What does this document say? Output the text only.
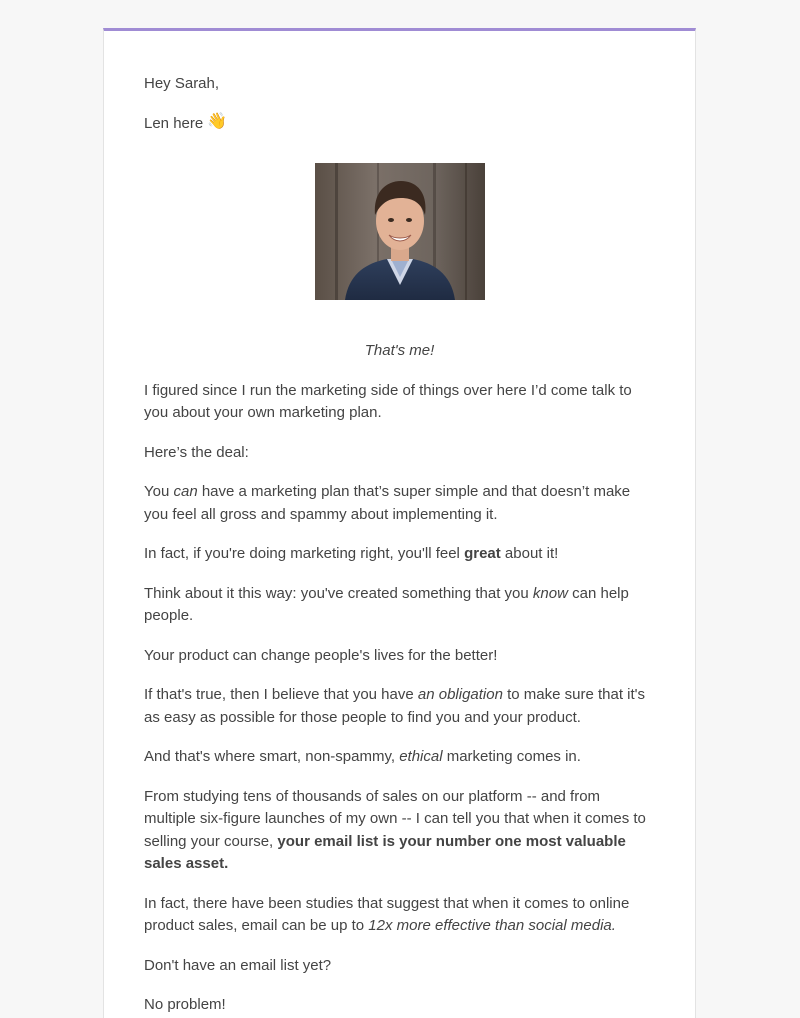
Hey Sarah,

Len here 👋

That's me!

I figured since I run the marketing side of things over here I’d come talk to you about your own marketing plan.

Here’s the deal:

You can have a marketing plan that’s super simple and that doesn’t make you feel all gross and spammy about implementing it.

In fact, if you're doing marketing right, you'll feel great about it!

Think about it this way: you've created something that you know can help people.

Your product can change people's lives for the better!

If that's true, then I believe that you have an obligation to make sure that it's as easy as possible for those people to find you and your product.

And that's where smart, non-spammy, ethical marketing comes in.

From studying tens of thousands of sales on our platform -- and from multiple six-figure launches of my own -- I can tell you that when it comes to selling your course, your email list is your number one most valuable sales asset.

In fact, there have been studies that suggest that when it comes to online product sales, email can be up to 12x more effective than social media.

Don't have an email list yet?

No problem!
